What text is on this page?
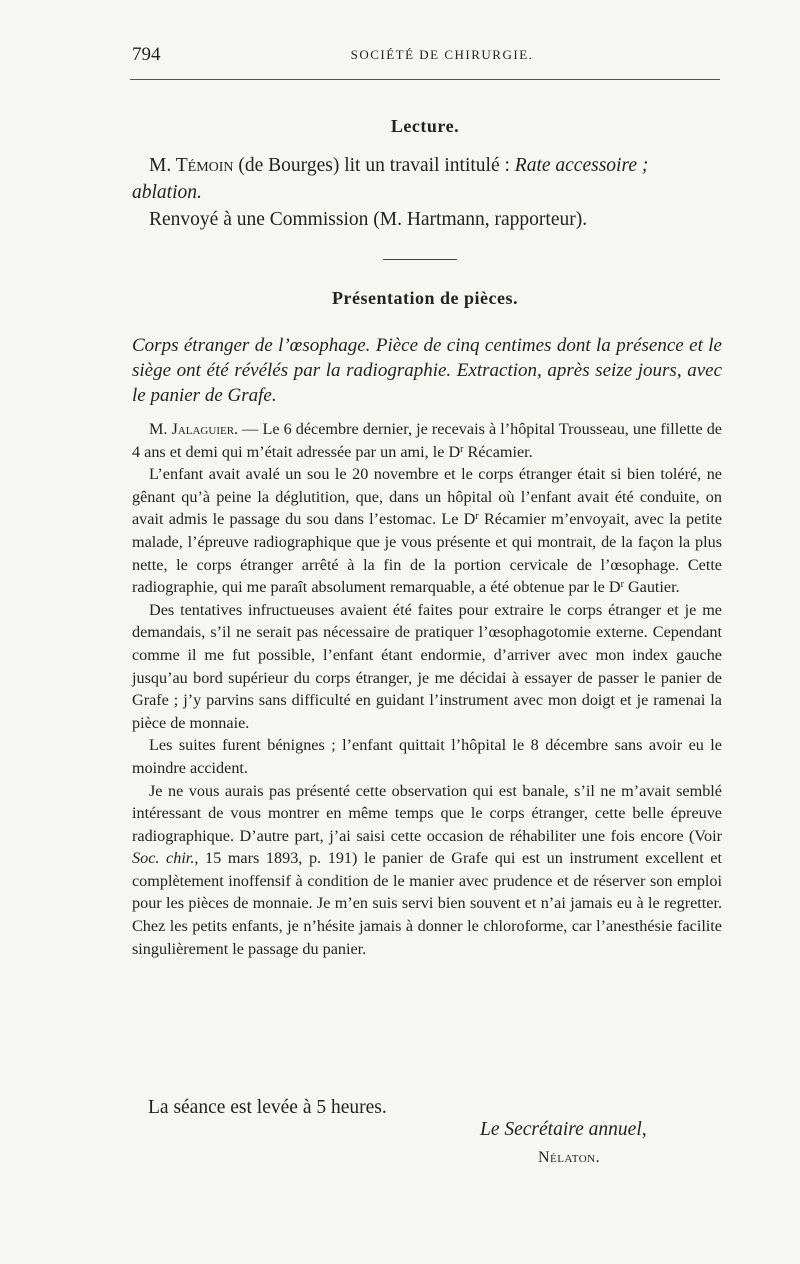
794	SOCIÉTÉ DE CHIRURGIE.
Lecture.

M. Témoin (de Bourges) lit un travail intitulé : Rate accessoire ; ablation.

Renvoyé à une Commission (M. Hartmann, rapporteur).

Présentation de pièces.

Corps étranger de l’œsophage. Pièce de cinq centimes dont la présence et le siège ont été révélés par la radiographie. Extraction, après seize jours, avec le panier de Grafe.

M. Jalaguier. — Le 6 décembre dernier, je recevais à l’hôpital Trousseau, une fillette de 4 ans et demi qui m’était adressée par un ami, le $D^r$ Récamier.

L’enfant avait avalé un sou le 20 novembre et le corps étranger était si bien toléré, ne gênant qu’à peine la déglutition, que, dans un hôpital où l’enfant avait été conduite, on avait admis le passage du sou dans l’estomac. Le $D^r$ Récamier m’envoyait, avec la petite malade, l’épreuve radiographique que je vous présente et qui montrait, de la façon la plus nette, le corps étranger arrêté à la fin de la portion cervicale de l’œsophage. Cette radiographie, qui me paraît absolument remarquable, a été obtenue par le $D^r$ Gautier.

Des tentatives infructueuses avaient été faites pour extraire le corps étranger et je me demandais, s’il ne serait pas nécessaire de pratiquer l’œsophagotomie externe. Cependant comme il me fut possible, l’enfant étant endormie, d’arriver avec mon index gauche jusqu’au bord supérieur du corps étranger, je me décidai à essayer de passer le panier de Grafe ; j’y parvins sans difficulté en guidant l’instrument avec mon doigt et je ramenai la pièce de monnaie.

Les suites furent bénignes ; l’enfant quittait l’hôpital le 8 décembre sans avoir eu le moindre accident.

Je ne vous aurais pas présenté cette observation qui est banale, s’il ne m’avait semblé intéressant de vous montrer en même temps que le corps étranger, cette belle épreuve radiographique. D’autre part, j’ai saisi cette occasion de réhabiliter une fois encore (Voir Soc. chir., 15 mars 1893, p. 191) le panier de Grafe qui est un instrument excellent et complètement inoffensif à condition de le manier avec prudence et de réserver son emploi pour les pièces de monnaie. Je m’en suis servi bien souvent et n’ai jamais eu à le regretter. Chez les petits enfants, je n’hésite jamais à donner le chloroforme, car l’anesthésie facilite singulièrement le passage du panier.

La séance est levée à 5 heures.
Le Secrétaire annuel,
Nélaton.
